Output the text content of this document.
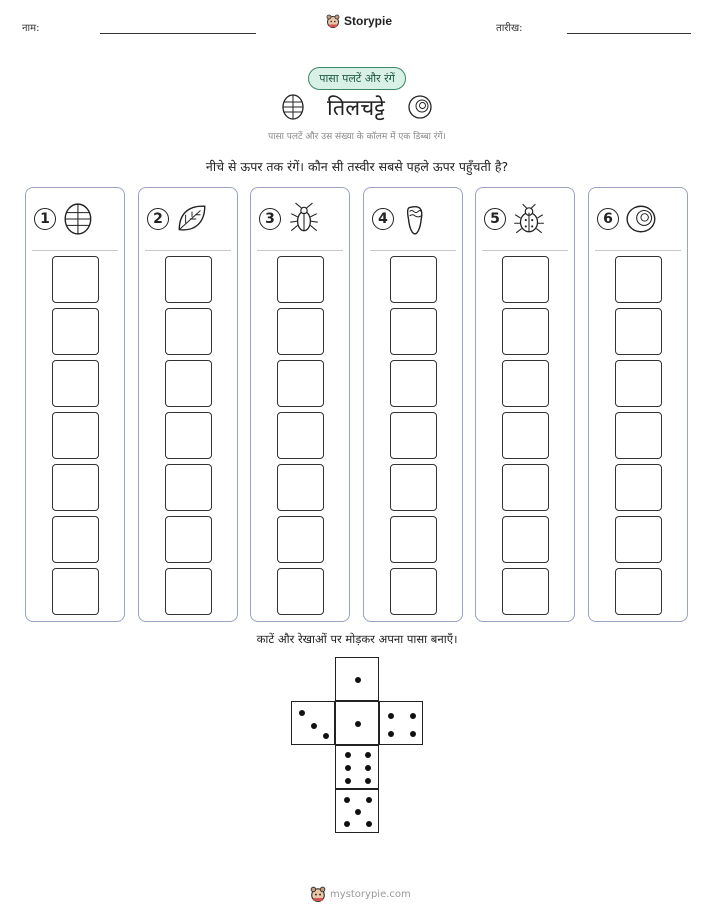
नाम:
Storypie
तारीख:
पासा पलटें और रंगें
तिलचट्टे
पासा पलटें और उस संख्या के कॉलम में एक डिब्बा रंगें।
नीचे से ऊपर तक रंगें। कौन सी तस्वीर सबसे पहले ऊपर पहुँचती है?
1	2	3	4	5	6
काटें और रेखाओं पर मोड़कर अपना पासा बनाएँ।
mystorypie.com
